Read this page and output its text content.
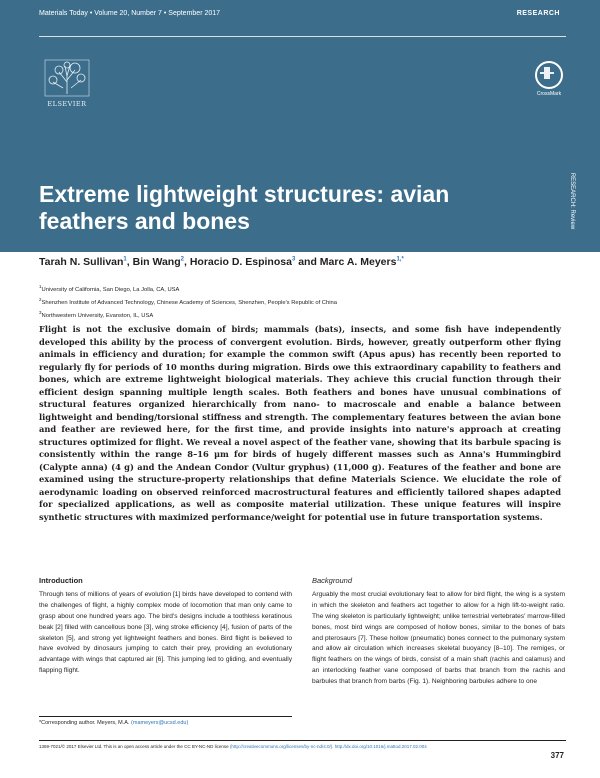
Materials Today • Volume 20, Number 7 • September 2017	RESEARCH
ELSEVIER
CrossMark
RESEARCH: Review
Extreme lightweight structures: avian feathers and bones
Tarah N. Sullivan$^1$, Bin Wang$^2$, Horacio D. Espinosa$^3$ and Marc A. Meyers$^{1,*}$
$^1$University of California, San Diego, La Jolla, CA, USA
$^2$Shenzhen Institute of Advanced Technology, Chinese Academy of Sciences, Shenzhen, People's Republic of China
$^3$Northwestern University, Evanston, IL, USA

Flight is not the exclusive domain of birds; mammals (bats), insects, and some fish have independently developed this ability by the process of convergent evolution. Birds, however, greatly outperform other flying animals in efficiency and duration; for example the common swift (Apus apus) has recently been reported to regularly fly for periods of 10 months during migration. Birds owe this extraordinary capability to feathers and bones, which are extreme lightweight biological materials. They achieve this crucial function through their efficient design spanning multiple length scales. Both feathers and bones have unusual combinations of structural features organized hierarchically from nano- to macroscale and enable a balance between lightweight and bending/torsional stiffness and strength. The complementary features between the avian bone and feather are reviewed here, for the first time, and provide insights into nature's approach at creating structures optimized for flight. We reveal a novel aspect of the feather vane, showing that its barbule spacing is consistently within the range 8–16 μm for birds of hugely different masses such as Anna's Hummingbird (Calypte anna) (4 g) and the Andean Condor (Vultur gryphus) (11,000 g). Features of the feather and bone are examined using the structure-property relationships that define Materials Science. We elucidate the role of aerodynamic loading on observed reinforced macrostructural features and efficiently tailored shapes adapted for specialized applications, as well as composite material utilization. These unique features will inspire synthetic structures with maximized performance/weight for potential use in future transportation systems.

Introduction

Through tens of millions of years of evolution [1] birds have developed to contend with the challenges of flight, a highly complex mode of locomotion that man only came to grasp about one hundred years ago. The bird's designs include a toothless keratinous beak [2] filled with cancellous bone [3], wing stroke efficiency [4], fusion of parts of the skeleton [5], and strong yet lightweight feathers and bones. Bird flight is believed to have evolved by dinosaurs jumping to catch their prey, providing an evolutionary advantage with wings that captured air [6]. This jumping led to gliding, and eventually flapping flight.

Background

Arguably the most crucial evolutionary feat to allow for bird flight, the wing is a system in which the skeleton and feathers act together to allow for a high lift-to-weight ratio. The wing skeleton is particularly lightweight; unlike terrestrial vertebrates' marrow-filled bones, most bird wings are composed of hollow bones, similar to the bones of bats and pterosaurs [7]. These hollow (pneumatic) bones connect to the pulmonary system and allow air circulation which increases skeletal buoyancy [8–10]. The remiges, or flight feathers on the wings of birds, consist of a main shaft (rachis and calamus) and an interlocking feather vane composed of barbs that branch from the rachis and barbules that branch from barbs (Fig. 1). Neighboring barbules adhere to one

*Corresponding author. Meyers, M.A. (mameyers@ucsd.edu)
1369-7021/© 2017 Elsevier Ltd. This is an open access article under the CC BY-NC-ND license (http://creativecommons.org/licenses/by-nc-nd/4.0/). http://dx.doi.org/10.1016/j.mattod.2017.02.004
377
